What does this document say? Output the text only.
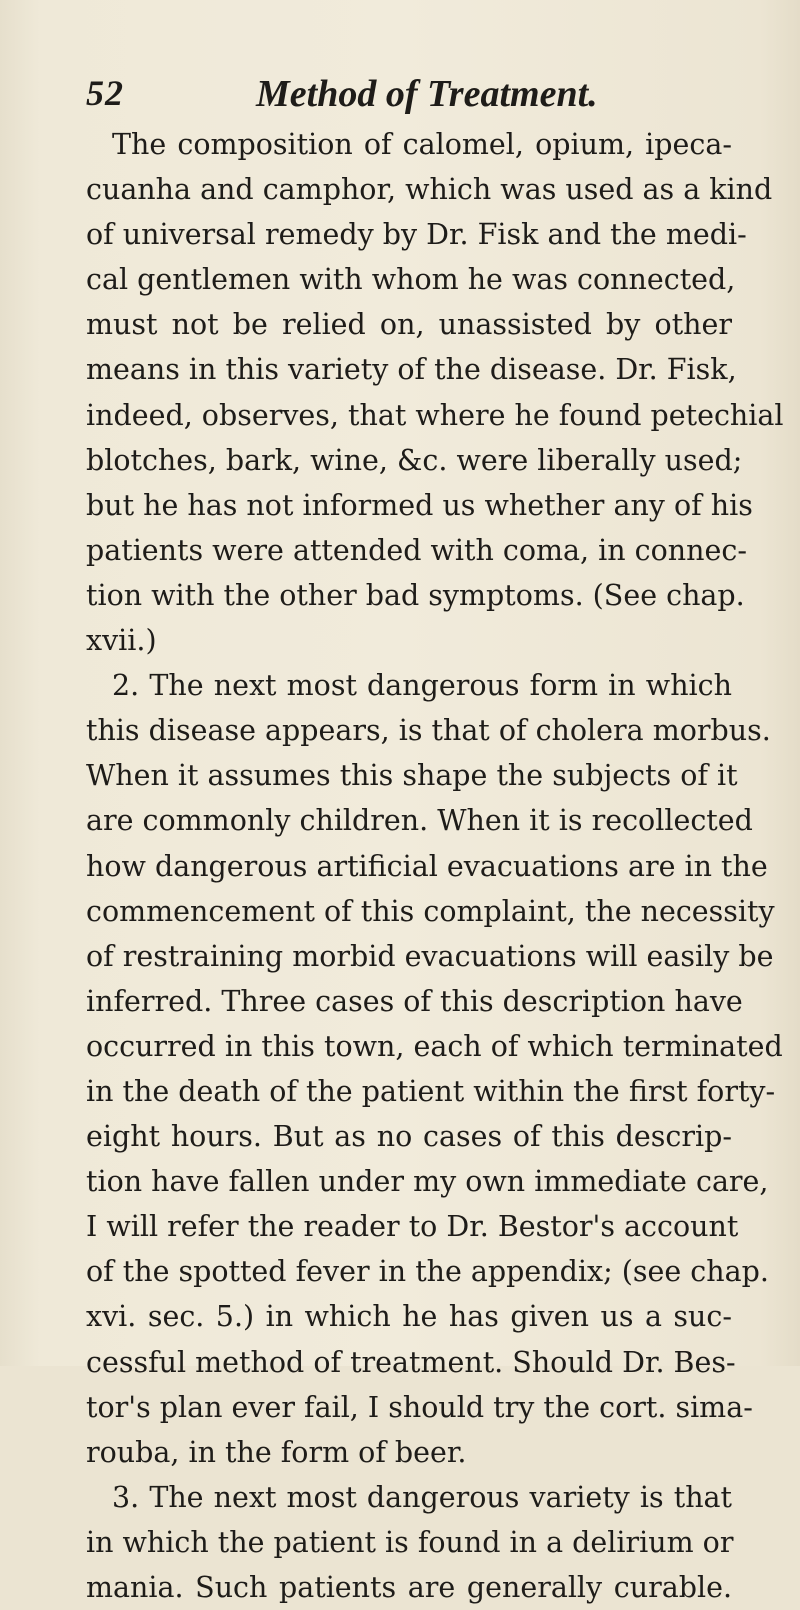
52	Method of Treatment.
The composition of calomel, opium, ipeca-
cuanha and camphor, which was used as a kind
of universal remedy by Dr. Fisk and the medi-
cal gentlemen with whom he was connected,
must not be relied on, unassisted by other
means in this variety of the disease. Dr. Fisk,
indeed, observes, that where he found petechial
blotches, bark, wine, &c. were liberally used;
but he has not informed us whether any of his
patients were attended with coma, in connec-
tion with the other bad symptoms. (See chap.
xvii.)
2. The next most dangerous form in which
this disease appears, is that of cholera morbus.
When it assumes this shape the subjects of it
are commonly children. When it is recollected
how dangerous artificial evacuations are in the
commencement of this complaint, the necessity
of restraining morbid evacuations will easily be
inferred. Three cases of this description have
occurred in this town, each of which terminated
in the death of the patient within the first forty-
eight hours. But as no cases of this descrip-
tion have fallen under my own immediate care,
I will refer the reader to Dr. Bestor's account
of the spotted fever in the appendix; (see chap.
xvi. sec. 5.) in which he has given us a suc-
cessful method of treatment. Should Dr. Bes-
tor's plan ever fail, I should try the cort. sima-
rouba, in the form of beer.
3. The next most dangerous variety is that
in which the patient is found in a delirium or
mania. Such patients are generally curable.
